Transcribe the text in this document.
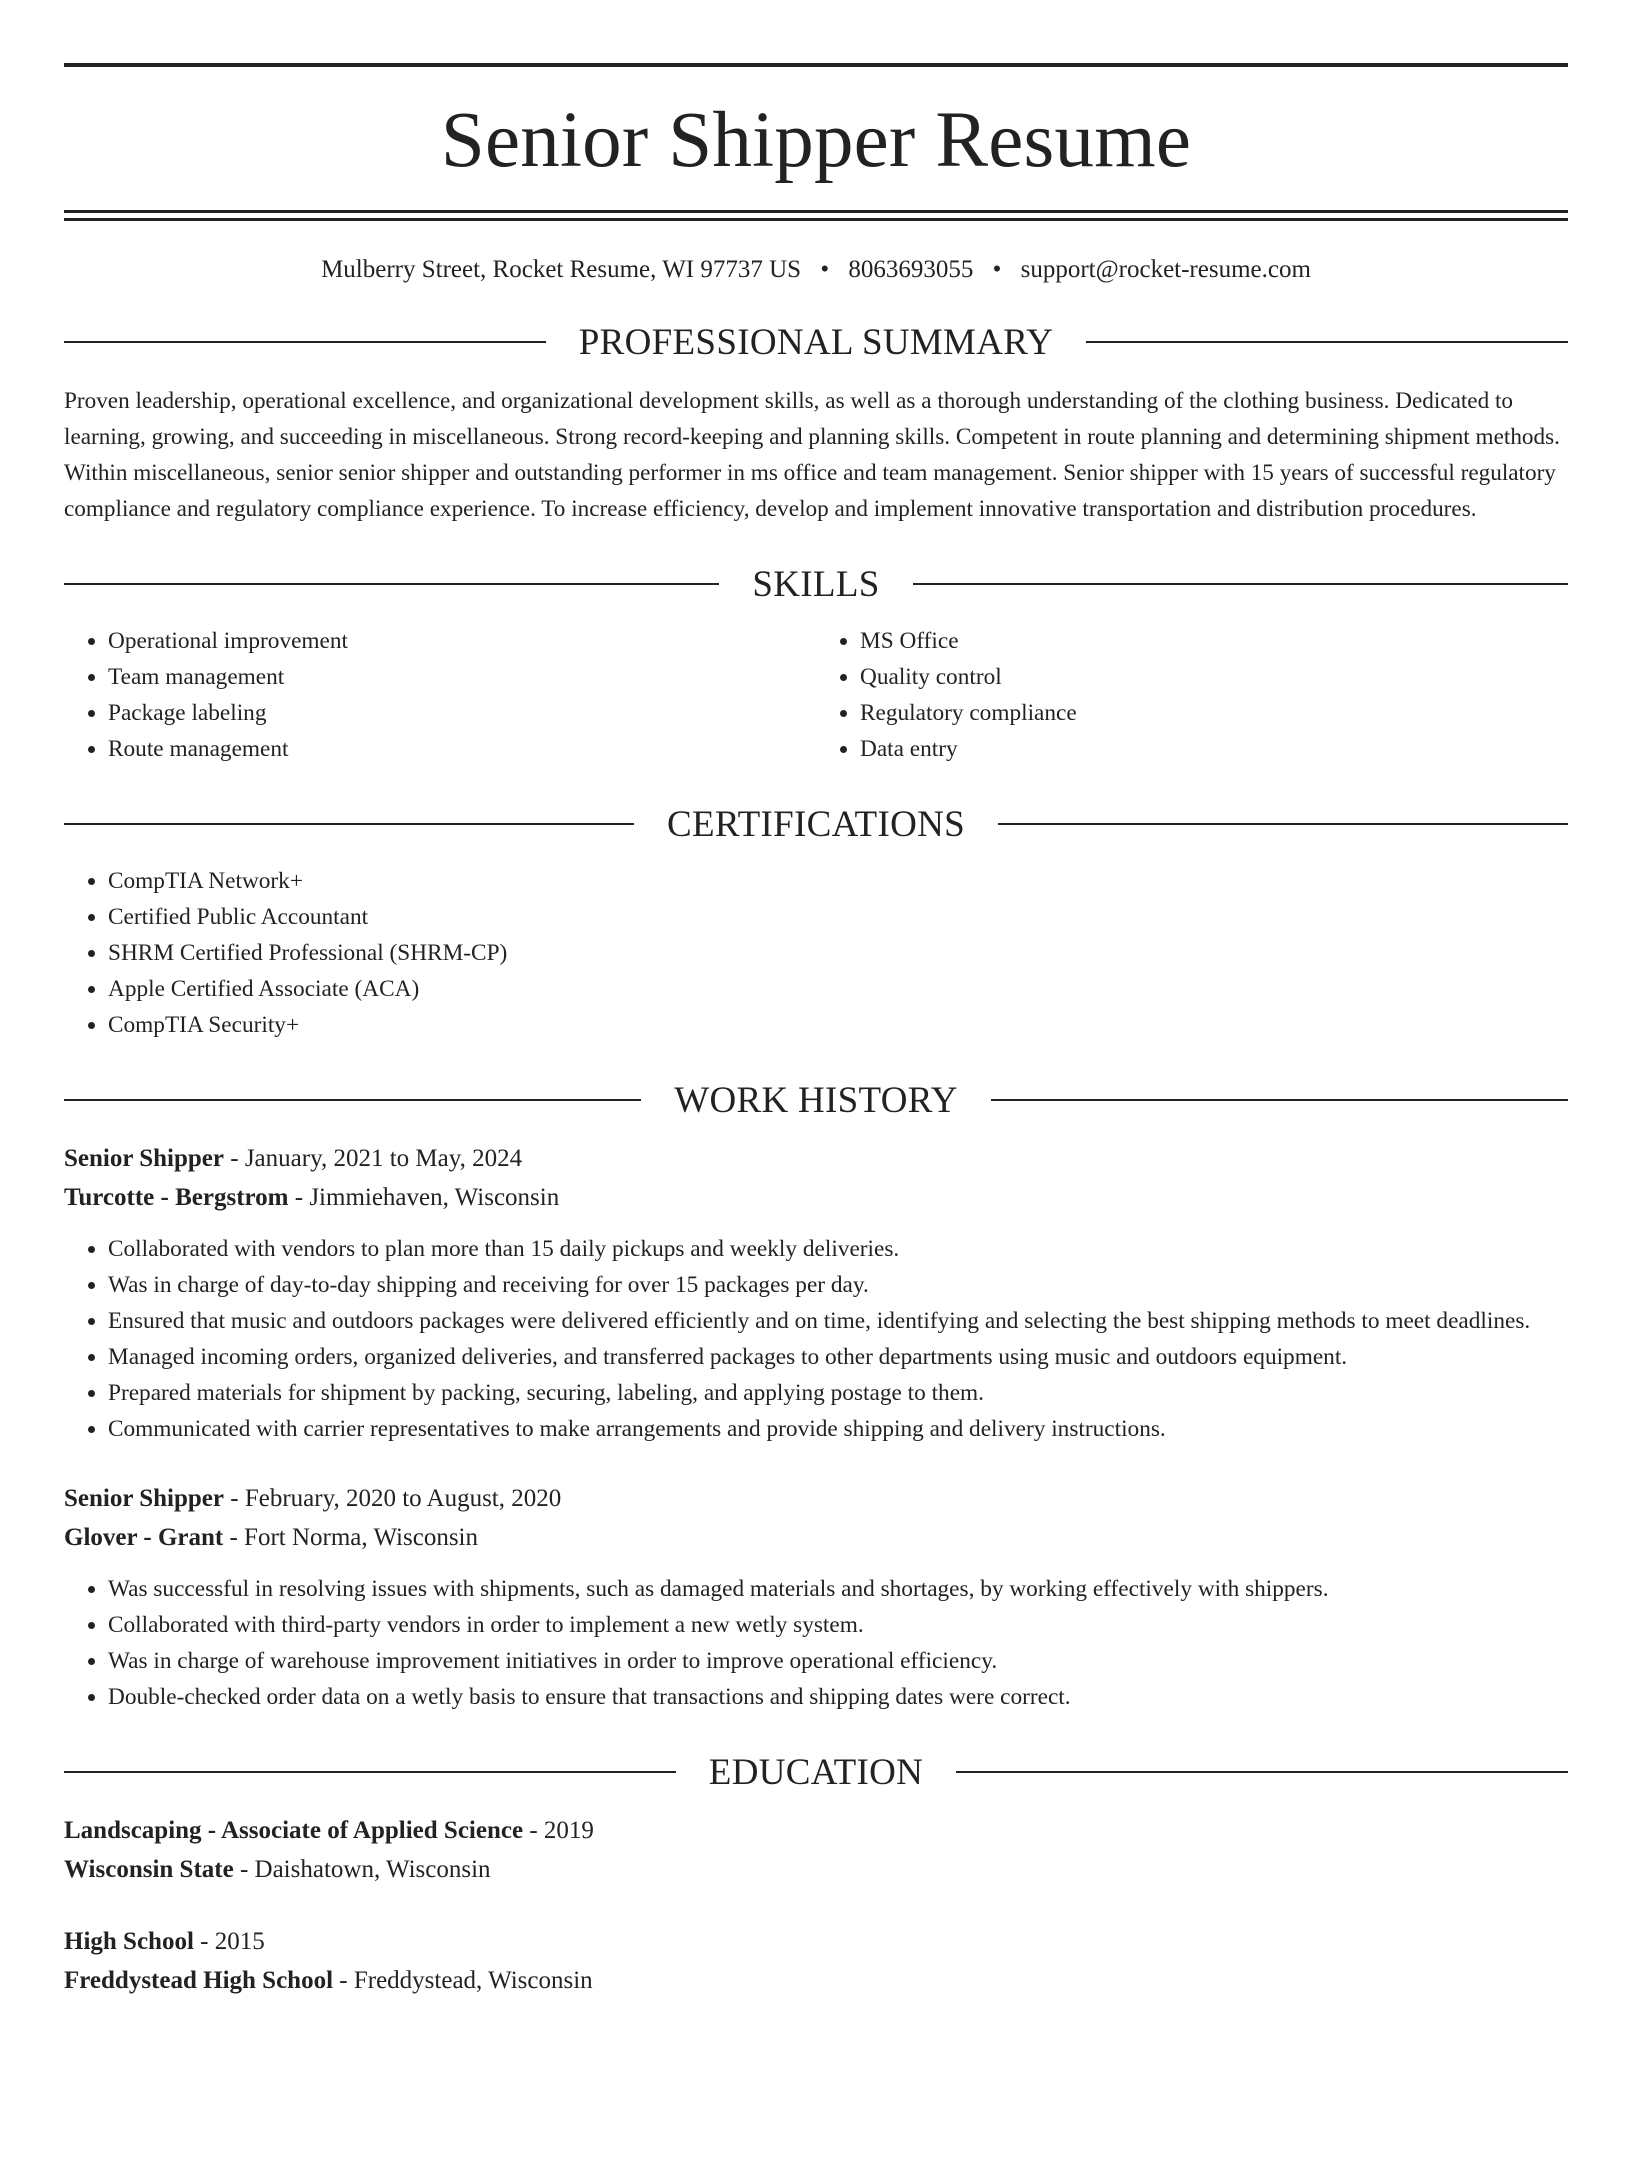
Senior Shipper Resume
Mulberry Street, Rocket Resume, WI 97737 US • 8063693055 • support@rocket-resume.com
PROFESSIONAL SUMMARY
Proven leadership, operational excellence, and organizational development skills, as well as a thorough understanding of the clothing business. Dedicated to learning, growing, and succeeding in miscellaneous. Strong record-keeping and planning skills. Competent in route planning and determining shipment methods. Within miscellaneous, senior senior shipper and outstanding performer in ms office and team management. Senior shipper with 15 years of successful regulatory compliance and regulatory compliance experience. To increase efficiency, develop and implement innovative transportation and distribution procedures.
SKILLS
• Operational improvement
• Team management
• Package labeling
• Route management
• MS Office
• Quality control
• Regulatory compliance
• Data entry
CERTIFICATIONS
• CompTIA Network+
• Certified Public Accountant
• SHRM Certified Professional (SHRM-CP)
• Apple Certified Associate (ACA)
• CompTIA Security+
WORK HISTORY
Senior Shipper - January, 2021 to May, 2024
Turcotte - Bergstrom - Jimmiehaven, Wisconsin
• Collaborated with vendors to plan more than 15 daily pickups and weekly deliveries.
• Was in charge of day-to-day shipping and receiving for over 15 packages per day.
• Ensured that music and outdoors packages were delivered efficiently and on time, identifying and selecting the best shipping methods to meet deadlines.
• Managed incoming orders, organized deliveries, and transferred packages to other departments using music and outdoors equipment.
• Prepared materials for shipment by packing, securing, labeling, and applying postage to them.
• Communicated with carrier representatives to make arrangements and provide shipping and delivery instructions.
Senior Shipper - February, 2020 to August, 2020
Glover - Grant - Fort Norma, Wisconsin
• Was successful in resolving issues with shipments, such as damaged materials and shortages, by working effectively with shippers.
• Collaborated with third-party vendors in order to implement a new wetly system.
• Was in charge of warehouse improvement initiatives in order to improve operational efficiency.
• Double-checked order data on a wetly basis to ensure that transactions and shipping dates were correct.
EDUCATION
Landscaping - Associate of Applied Science - 2019
Wisconsin State - Daishatown, Wisconsin
High School - 2015
Freddystead High School - Freddystead, Wisconsin
